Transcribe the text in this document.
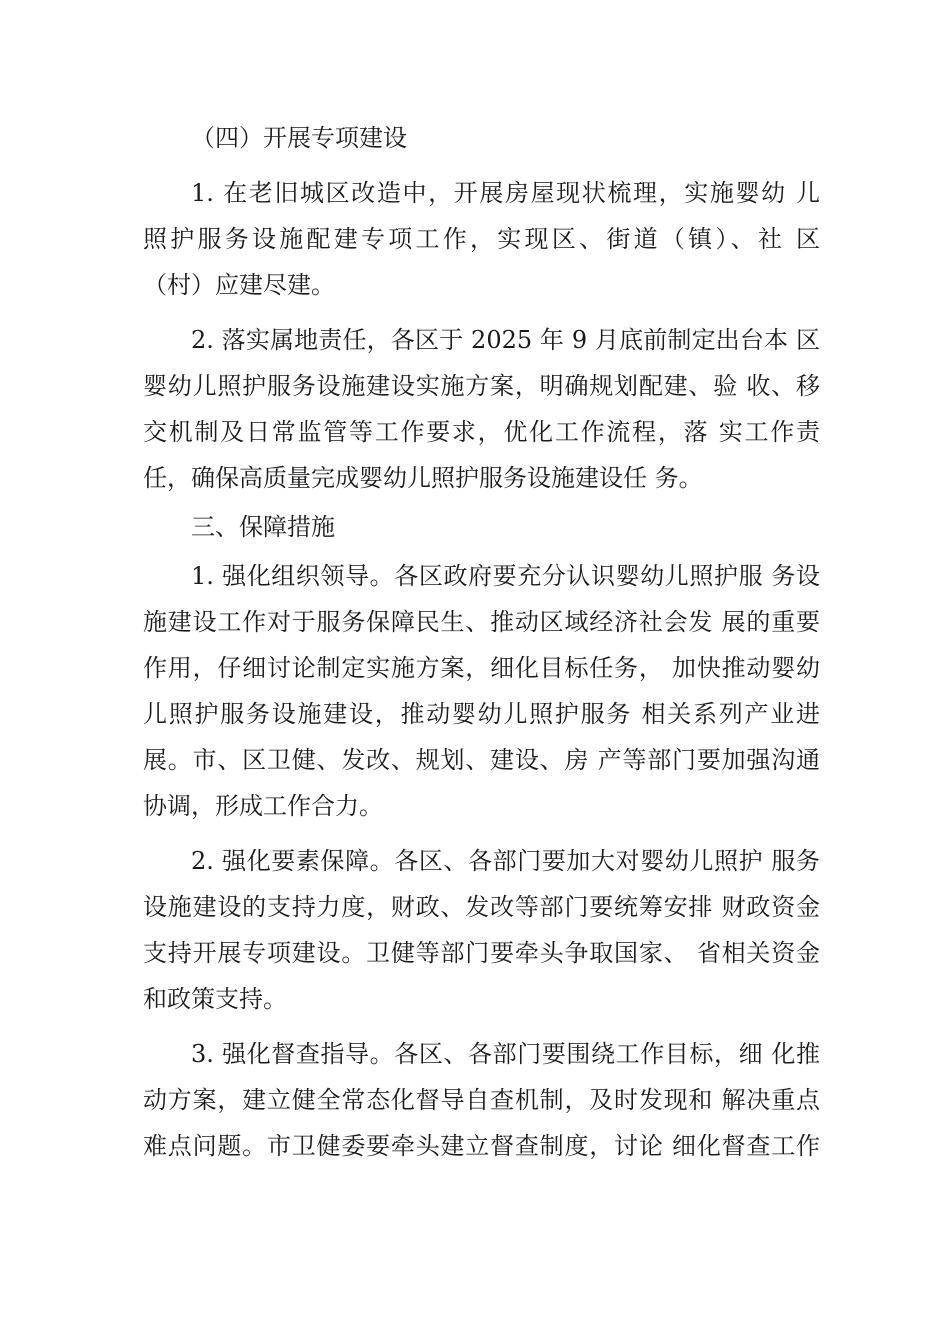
（四）开展专项建设
1. 在老旧城区改造中，开展房屋现状梳理，实施婴幼 儿
照护服务设施配建专项工作，实现区、街道（镇）、社 区
（村）应建尽建。
2. 落实属地责任，各区于 2025 年 9 月底前制定出台本 区
婴幼儿照护服务设施建设实施方案，明确规划配建、验 收、移
交机制及日常监管等工作要求，优化工作流程，落 实工作责
任，确保高质量完成婴幼儿照护服务设施建设任 务。
三、保障措施
1. 强化组织领导。各区政府要充分认识婴幼儿照护服 务设
施建设工作对于服务保障民生、推动区域经济社会发 展的重要
作用，仔细讨论制定实施方案，细化目标任务， 加快推动婴幼
儿照护服务设施建设，推动婴幼儿照护服务 相关系列产业进
展。市、区卫健、发改、规划、建设、房 产等部门要加强沟通
协调，形成工作合力。
2. 强化要素保障。各区、各部门要加大对婴幼儿照护 服务
设施建设的支持力度，财政、发改等部门要统筹安排 财政资金
支持开展专项建设。卫健等部门要牵头争取国家、 省相关资金
和政策支持。
3. 强化督查指导。各区、各部门要围绕工作目标，细 化推
动方案，建立健全常态化督导自查机制，及时发现和 解决重点
难点问题。市卫健委要牵头建立督查制度，讨论 细化督查工作
